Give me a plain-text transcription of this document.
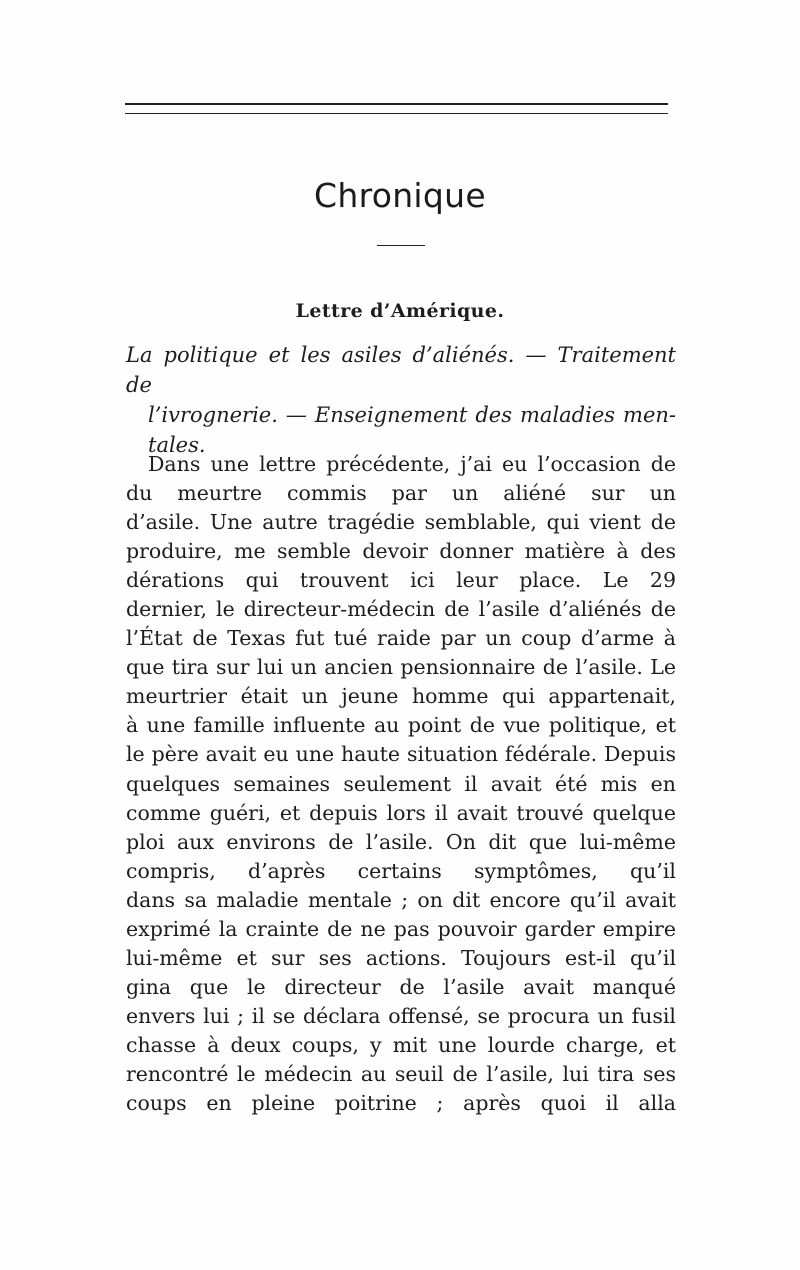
Chronique
Lettre d’Amérique.
La politique et les asiles d’aliénés. — Traitement de
l’ivrognerie. — Enseignement des maladies men-
tales.
Dans une lettre précédente, j’ai eu l’occasion de
du meurtre commis par un aliéné sur un
d’asile. Une autre tragédie semblable, qui vient de
produire, me semble devoir donner matière à des
dérations qui trouvent ici leur place. Le 29
dernier, le directeur-médecin de l’asile d’aliénés de
l’État de Texas fut tué raide par un coup d’arme à
que tira sur lui un ancien pensionnaire de l’asile. Le
meurtrier était un jeune homme qui appartenait,
à une famille influente au point de vue politique, et
le père avait eu une haute situation fédérale. Depuis
quelques semaines seulement il avait été mis en
comme guéri, et depuis lors il avait trouvé quelque
ploi aux environs de l’asile. On dit que lui-même
compris, d’après certains symptômes, qu’il
dans sa maladie mentale ; on dit encore qu’il avait
exprimé la crainte de ne pas pouvoir garder empire
lui-même et sur ses actions. Toujours est-il qu’il
gina que le directeur de l’asile avait manqué
envers lui ; il se déclara offensé, se procura un fusil
chasse à deux coups, y mit une lourde charge, et
rencontré le médecin au seuil de l’asile, lui tira ses
coups en pleine poitrine ; après quoi il alla
